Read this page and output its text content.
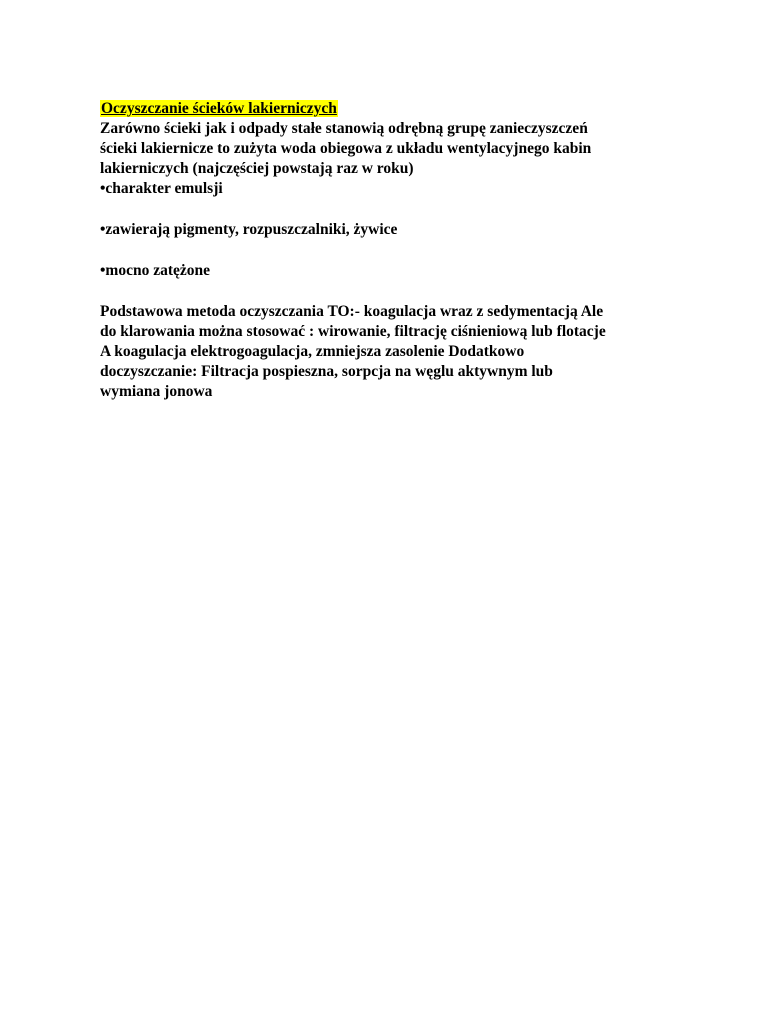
Oczyszczanie ścieków lakierniczych
Zarówno ścieki jak i odpady stałe stanowią odrębną grupę zanieczyszczeń
ścieki lakiernicze to zużyta woda obiegowa z układu wentylacyjnego kabin
lakierniczych (najczęściej powstają raz w roku)
•charakter emulsji
•zawierają pigmenty, rozpuszczalniki, żywice
•mocno zatężone
Podstawowa metoda oczyszczania TO:- koagulacja wraz z sedymentacją Ale
do klarowania można stosować : wirowanie, filtrację ciśnieniową lub flotacje
A koagulacja elektrogoagulacja, zmniejsza zasolenie Dodatkowo
doczyszczanie: Filtracja pospieszna, sorpcja na węglu aktywnym lub
wymiana jonowa
